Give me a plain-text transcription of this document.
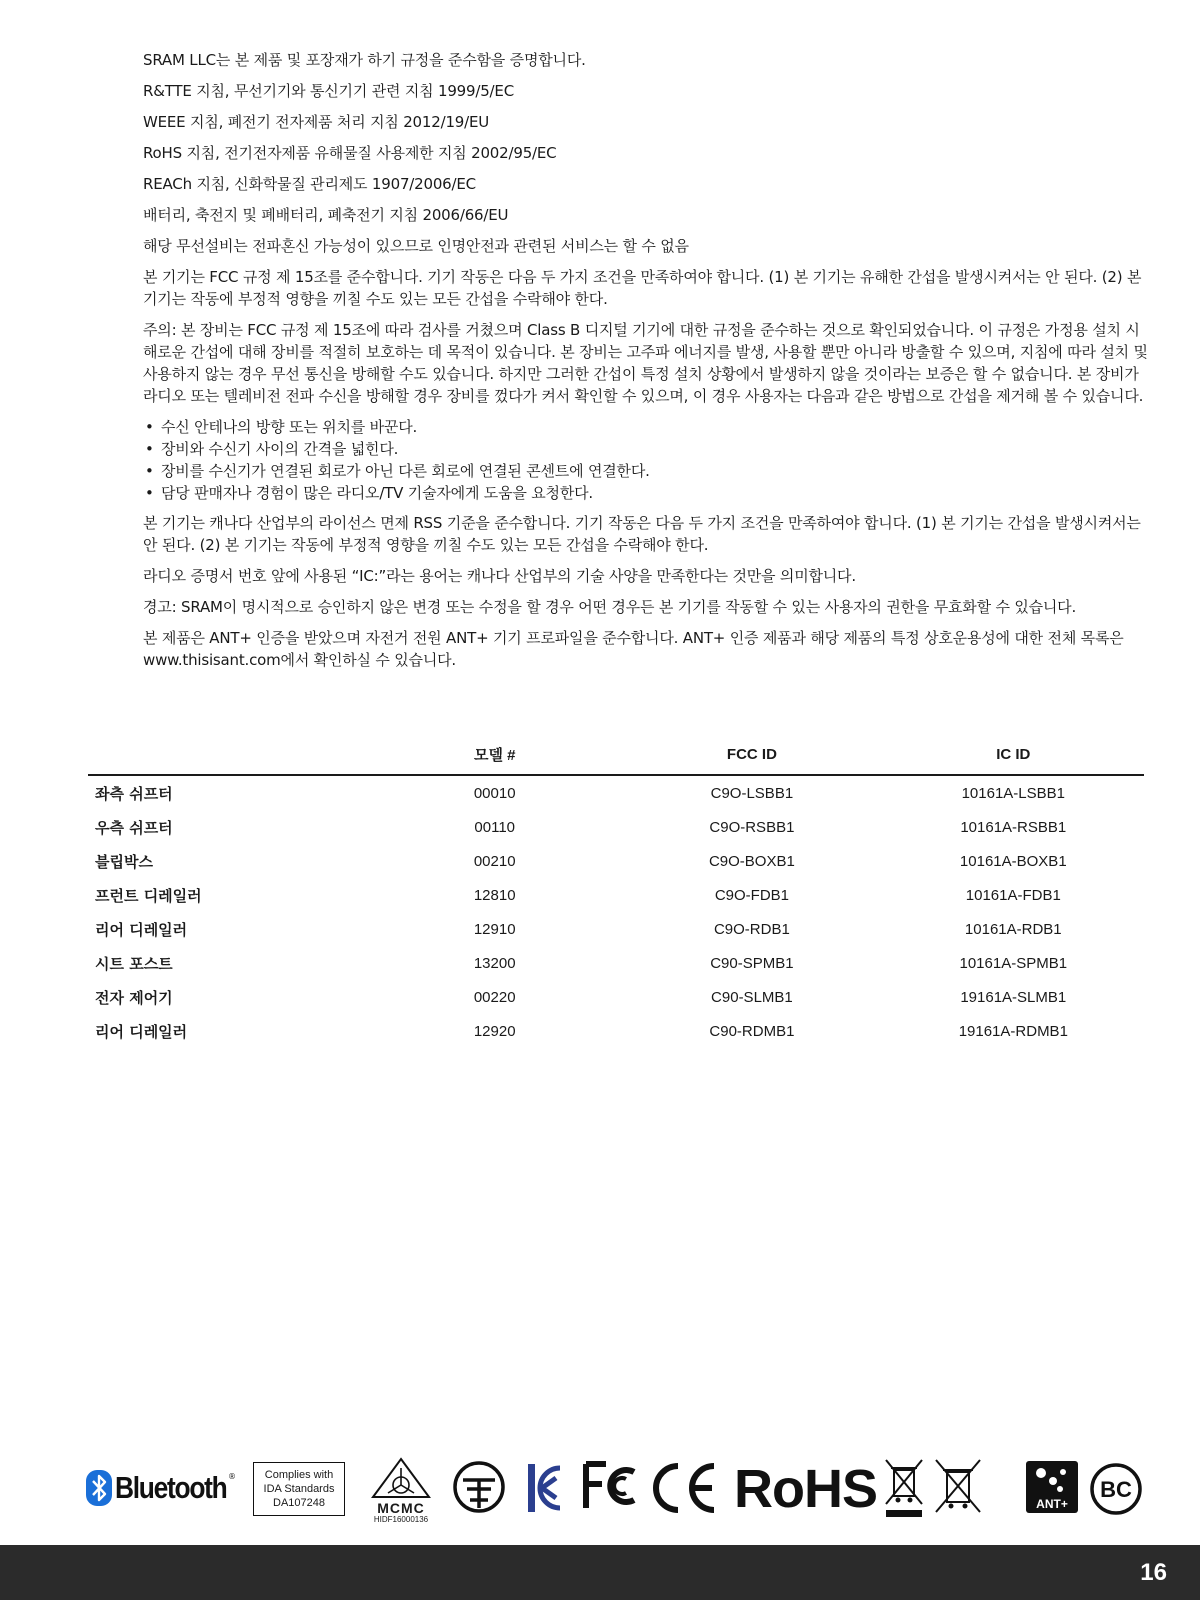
SRAM LLC는 본 제품 및 포장재가 하기 규정을 준수함을 증명합니다.

R&TTE 지침, 무선기기와 통신기기 관련 지침 1999/5/EC

WEEE 지침, 폐전기 전자제품 처리 지침 2012/19/EU

RoHS 지침, 전기전자제품 유해물질 사용제한 지침 2002/95/EC

REACh 지침, 신화학물질 관리제도 1907/2006/EC

배터리, 축전지 및 폐배터리, 폐축전기 지침 2006/66/EU

해당 무선설비는 전파혼신 가능성이 있으므로 인명안전과 관련된 서비스는 할 수 없음

본 기기는 FCC 규정 제 15조를 준수합니다. 기기 작동은 다음 두 가지 조건을 만족하여야 합니다. (1) 본 기기는 유해한 간섭을 발생시켜서는 안 된다. (2) 본 기기는 작동에 부정적 영향을 끼칠 수도 있는 모든 간섭을 수락해야 한다.

주의: 본 장비는 FCC 규정 제 15조에 따라 검사를 거쳤으며 Class B 디지털 기기에 대한 규정을 준수하는 것으로 확인되었습니다. 이 규정은 가정용 설치 시 해로운 간섭에 대해 장비를 적절히 보호하는 데 목적이 있습니다. 본 장비는 고주파 에너지를 발생, 사용할 뿐만 아니라 방출할 수 있으며, 지침에 따라 설치 및 사용하지 않는 경우 무선 통신을 방해할 수도 있습니다. 하지만 그러한 간섭이 특정 설치 상황에서 발생하지 않을 것이라는 보증은 할 수 없습니다. 본 장비가 라디오 또는 텔레비전 전파 수신을 방해할 경우 장비를 껐다가 켜서 확인할 수 있으며, 이 경우 사용자는 다음과 같은 방법으로 간섭을 제거해 볼 수 있습니다.

• 수신 안테나의 방향 또는 위치를 바꾼다.
• 장비와 수신기 사이의 간격을 넓힌다.
• 장비를 수신기가 연결된 회로가 아닌 다른 회로에 연결된 콘센트에 연결한다.
• 담당 판매자나 경험이 많은 라디오/TV 기술자에게 도움을 요청한다.

본 기기는 캐나다 산업부의 라이선스 면제 RSS 기준을 준수합니다. 기기 작동은 다음 두 가지 조건을 만족하여야 합니다. (1) 본 기기는 간섭을 발생시켜서는 안 된다. (2) 본 기기는 작동에 부정적 영향을 끼칠 수도 있는 모든 간섭을 수락해야 한다.

라디오 증명서 번호 앞에 사용된 “IC:”라는 용어는 캐나다 산업부의 기술 사양을 만족한다는 것만을 의미합니다.

경고: SRAM이 명시적으로 승인하지 않은 변경 또는 수정을 할 경우 어떤 경우든 본 기기를 작동할 수 있는 사용자의 권한을 무효화할 수 있습니다.

본 제품은 ANT+ 인증을 받았으며 자전거 전원 ANT+ 기기 프로파일을 준수합니다. ANT+ 인증 제품과 해당 제품의 특정 상호운용성에 대한 전체 목록은 www.thisisant.com에서 확인하실 수 있습니다.

	모델 #	FCC ID	IC ID
좌측 쉬프터	00010	C9O-LSBB1	10161A-LSBB1
우측 쉬프터	00110	C9O-RSBB1	10161A-RSBB1
블립박스	00210	C9O-BOXB1	10161A-BOXB1
프런트 디레일러	12810	C9O-FDB1	10161A-FDB1
리어 디레일러	12910	C9O-RDB1	10161A-RDB1
시트 포스트	13200	C90-SPMB1	10161A-SPMB1
전자 제어기	00220	C90-SLMB1	19161A-SLMB1
리어 디레일러	12920	C90-RDMB1	19161A-RDMB1
Bluetooth ®	Complies with
IDA Standards
DA107248	MCMC
HIDF16000136
RoHS	ANT+
BC
16
